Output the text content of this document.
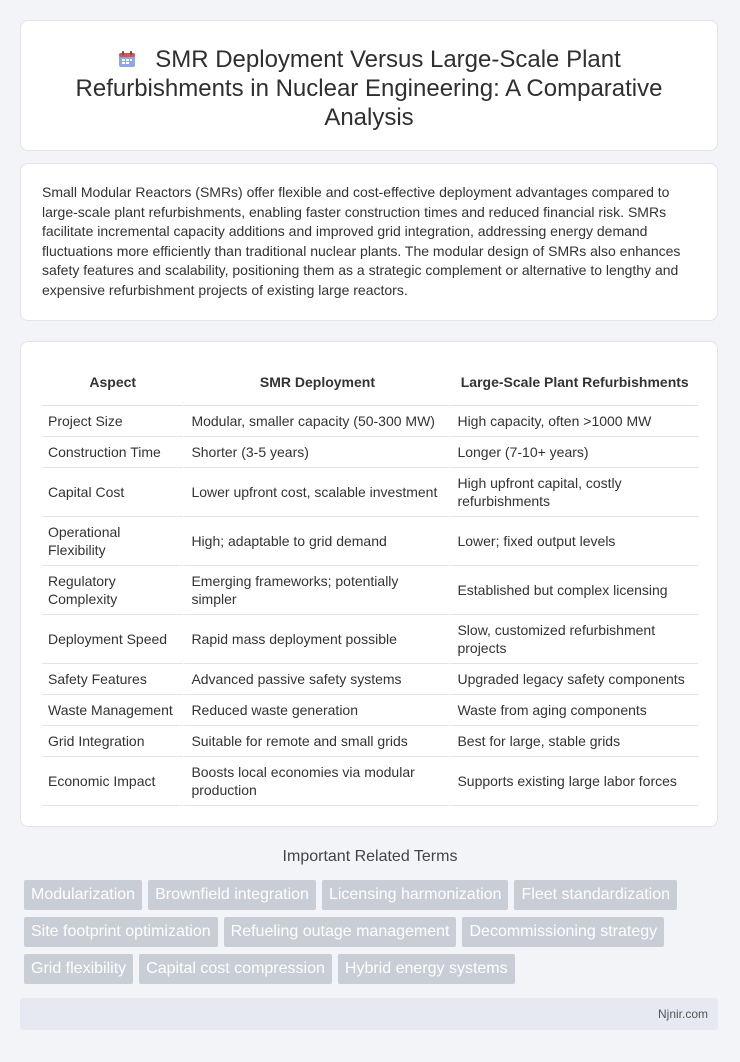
SMR Deployment Versus Large-Scale Plant Refurbishments in Nuclear Engineering: A Comparative Analysis

Small Modular Reactors (SMRs) offer flexible and cost-effective deployment advantages compared to large-scale plant refurbishments, enabling faster construction times and reduced financial risk. SMRs facilitate incremental capacity additions and improved grid integration, addressing energy demand fluctuations more efficiently than traditional nuclear plants. The modular design of SMRs also enhances safety features and scalability, positioning them as a strategic complement or alternative to lengthy and expensive refurbishment projects of existing large reactors.

Aspect	SMR Deployment	Large-Scale Plant Refurbishments
Project Size	Modular, smaller capacity (50-300 MW)	High capacity, often >1000 MW
Construction Time	Shorter (3-5 years)	Longer (7-10+ years)
Capital Cost	Lower upfront cost, scalable investment	High upfront capital, costly refurbishments
Operational Flexibility	High; adaptable to grid demand	Lower; fixed output levels
Regulatory Complexity	Emerging frameworks; potentially simpler	Established but complex licensing
Deployment Speed	Rapid mass deployment possible	Slow, customized refurbishment projects
Safety Features	Advanced passive safety systems	Upgraded legacy safety components
Waste Management	Reduced waste generation	Waste from aging components
Grid Integration	Suitable for remote and small grids	Best for large, stable grids
Economic Impact	Boosts local economies via modular production	Supports existing large labor forces
Important Related Terms
Modularization Brownfield integration Licensing harmonization Fleet standardizationSite footprint optimization Refueling outage management Decommissioning strategyGrid flexibility Capital cost compression Hybrid energy systems
Njnir.com
